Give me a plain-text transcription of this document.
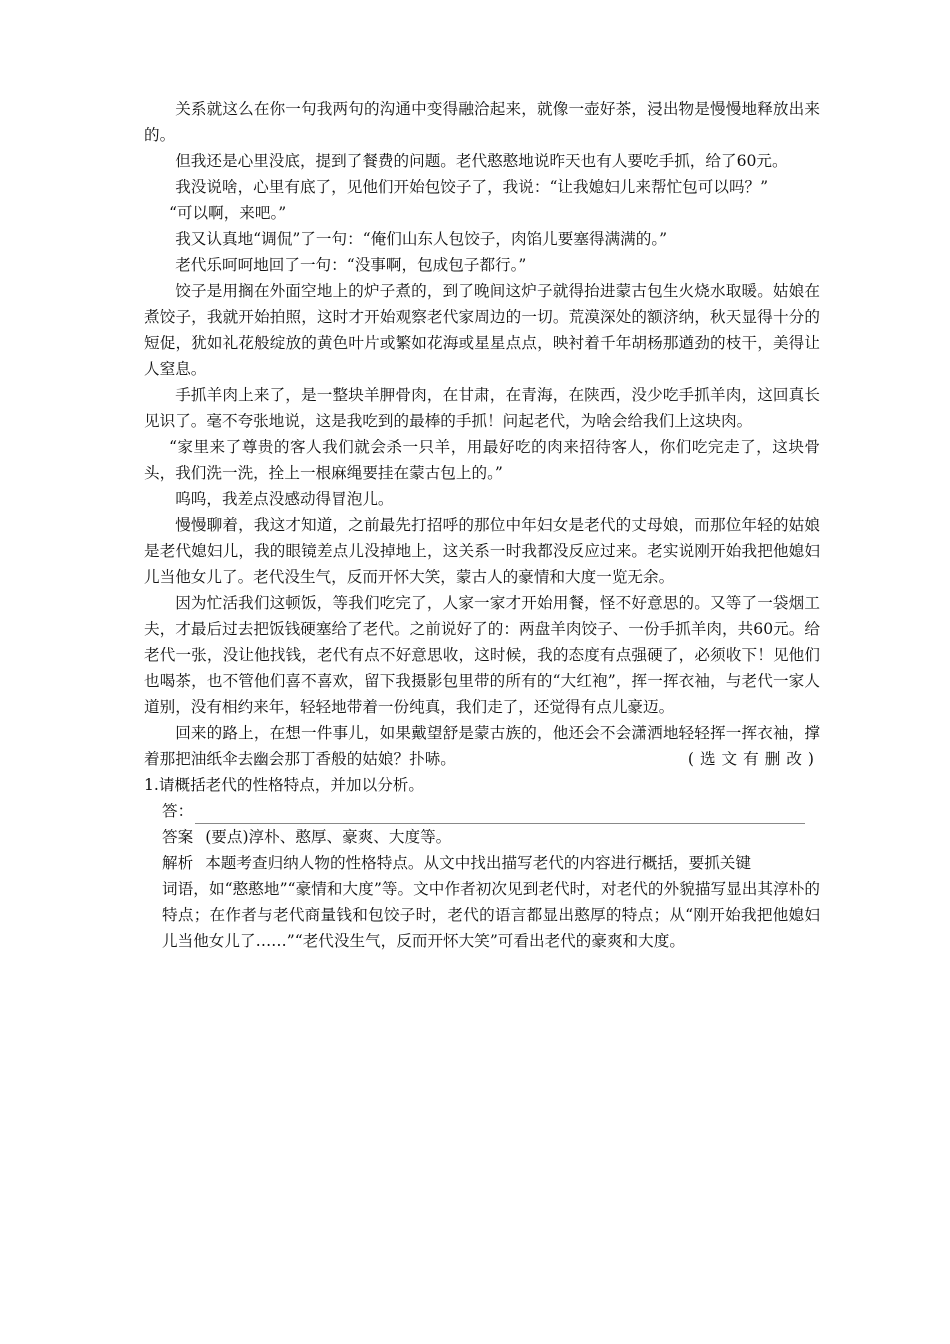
关系就这么在你一句我两句的沟通中变得融洽起来，就像一壶好茶，浸出物是慢慢地释放出来的。

但我还是心里没底，提到了餐费的问题。老代憨憨地说昨天也有人要吃手抓，给了60元。

我没说啥，心里有底了，见他们开始包饺子了，我说：“让我媳妇儿来帮忙包可以吗？”

“可以啊，来吧。”

我又认真地“调侃”了一句：“俺们山东人包饺子，肉馅儿要塞得满满的。”

老代乐呵呵地回了一句：“没事啊，包成包子都行。”

饺子是用搁在外面空地上的炉子煮的，到了晚间这炉子就得抬进蒙古包生火烧水取暖。姑娘在煮饺子，我就开始拍照，这时才开始观察老代家周边的一切。荒漠深处的额济纳，秋天显得十分的短促，犹如礼花般绽放的黄色叶片或繁如花海或星星点点，映衬着千年胡杨那遒劲的枝干，美得让人窒息。

手抓羊肉上来了，是一整块羊胛骨肉，在甘肃，在青海，在陕西，没少吃手抓羊肉，这回真长见识了。毫不夸张地说，这是我吃到的最棒的手抓！问起老代，为啥会给我们上这块肉。

“家里来了尊贵的客人我们就会杀一只羊，用最好吃的肉来招待客人，你们吃完走了，这块骨头，我们洗一洗，拴上一根麻绳要挂在蒙古包上的。”

呜呜，我差点没感动得冒泡儿。

慢慢聊着，我这才知道，之前最先打招呼的那位中年妇女是老代的丈母娘，而那位年轻的姑娘是老代媳妇儿，我的眼镜差点儿没掉地上，这关系一时我都没反应过来。老实说刚开始我把他媳妇儿当他女儿了。老代没生气，反而开怀大笑，蒙古人的豪情和大度一览无余。

因为忙活我们这顿饭，等我们吃完了，人家一家才开始用餐，怪不好意思的。又等了一袋烟工夫，才最后过去把饭钱硬塞给了老代。之前说好了的：两盘羊肉饺子、一份手抓羊肉，共60元。给老代一张，没让他找钱，老代有点不好意思收，这时候，我的态度有点强硬了，必须收下！见他们也喝茶，也不管他们喜不喜欢，留下我摄影包里带的所有的“大红袍”，挥一挥衣袖，与老代一家人道别，没有相约来年，轻轻地带着一份纯真，我们走了，还觉得有点儿豪迈。

回来的路上，在想一件事儿，如果戴望舒是蒙古族的，他还会不会潇洒地轻轻挥一挥衣袖，撑着那把油纸伞去幽会那丁香般的姑娘？扑哧。	(选文有删改)

1.请概括老代的性格特点，并加以分析。

答：

答案 (要点)淳朴、憨厚、豪爽、大度等。

解析 本题考查归纳人物的性格特点。从文中找出描写老代的内容进行概括，要抓关键

词语，如“憨憨地”“豪情和大度”等。文中作者初次见到老代时，对老代的外貌描写显出其淳朴的特点；在作者与老代商量钱和包饺子时，老代的语言都显出憨厚的特点；从“刚开始我把他媳妇儿当他女儿了……”“老代没生气，反而开怀大笑”可看出老代的豪爽和大度。
